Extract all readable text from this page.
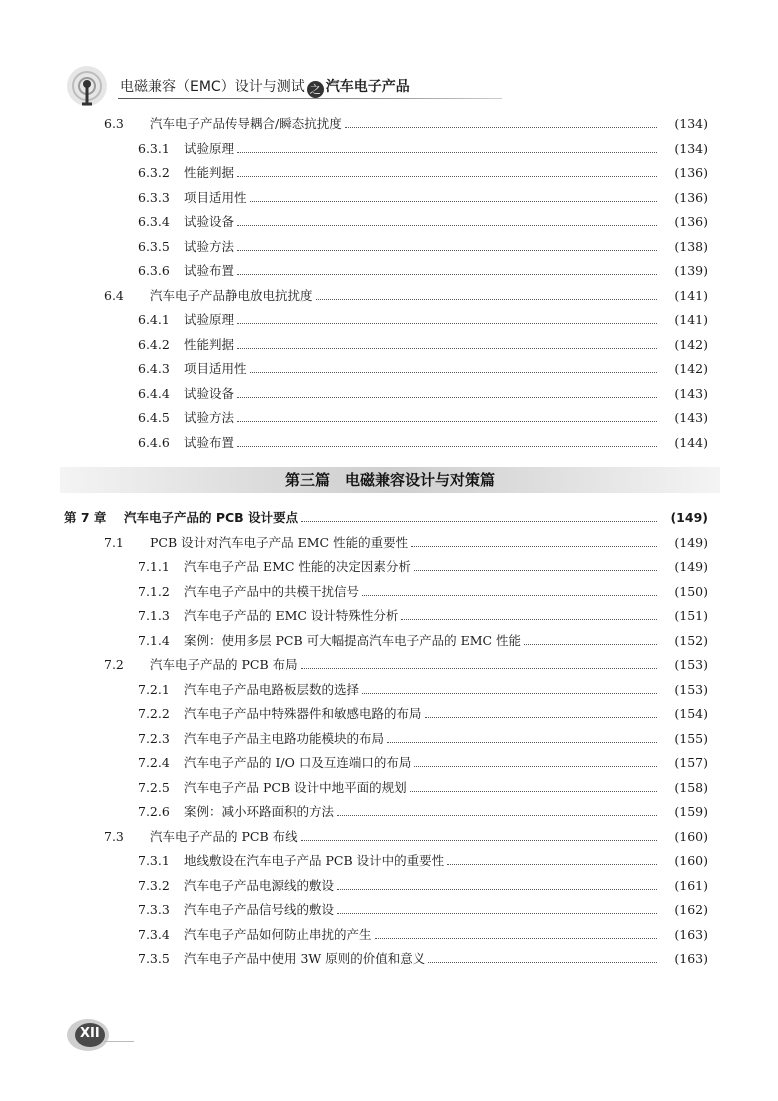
电磁兼容（EMC）设计与测试 之 汽车电子产品
6.3	汽车电子产品传导耦合/瞬态抗扰度	(134)
6.3.1	试验原理	(134)
6.3.2	性能判据	(136)
6.3.3	项目适用性	(136)
6.3.4	试验设备	(136)
6.3.5	试验方法	(138)
6.3.6	试验布置	(139)
6.4	汽车电子产品静电放电抗扰度	(141)
6.4.1	试验原理	(141)
6.4.2	性能判据	(142)
6.4.3	项目适用性	(142)
6.4.4	试验设备	(143)
6.4.5	试验方法	(143)
6.4.6	试验布置	(144)
第 7 章	汽车电子产品的 PCB 设计要点	(149)
7.1	PCB 设计对汽车电子产品 EMC 性能的重要性	(149)
7.1.1	汽车电子产品 EMC 性能的决定因素分析	(149)
7.1.2	汽车电子产品中的共模干扰信号	(150)
7.1.3	汽车电子产品的 EMC 设计特殊性分析	(151)
7.1.4	案例：使用多层 PCB 可大幅提高汽车电子产品的 EMC 性能	(152)
7.2	汽车电子产品的 PCB 布局	(153)
7.2.1	汽车电子产品电路板层数的选择	(153)
7.2.2	汽车电子产品中特殊器件和敏感电路的布局	(154)
7.2.3	汽车电子产品主电路功能模块的布局	(155)
7.2.4	汽车电子产品的 I/O 口及互连端口的布局	(157)
7.2.5	汽车电子产品 PCB 设计中地平面的规划	(158)
7.2.6	案例：减小环路面积的方法	(159)
7.3	汽车电子产品的 PCB 布线	(160)
7.3.1	地线敷设在汽车电子产品 PCB 设计中的重要性	(160)
7.3.2	汽车电子产品电源线的敷设	(161)
7.3.3	汽车电子产品信号线的敷设	(162)
7.3.4	汽车电子产品如何防止串扰的产生	(163)
7.3.5	汽车电子产品中使用 3W 原则的价值和意义	(163)
第三篇　电磁兼容设计与对策篇
XII
